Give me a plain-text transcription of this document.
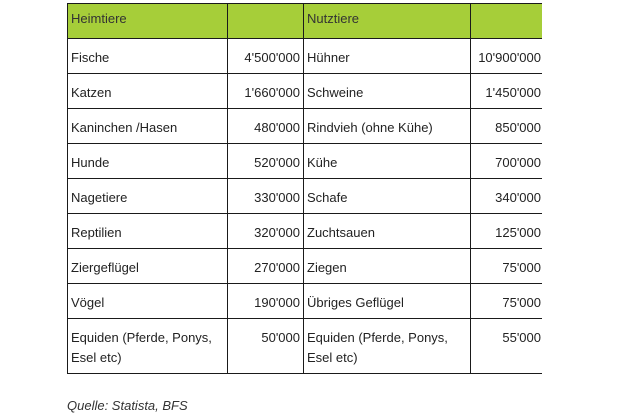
Heimtiere		Nutztiere	
Fische	4'500'000	Hühner	10'900'000
Katzen	1'660'000	Schweine	1'450'000
Kaninchen /Hasen	480'000	Rindvieh (ohne Kühe)	850'000
Hunde	520'000	Kühe	700'000
Nagetiere	330'000	Schafe	340'000
Reptilien	320'000	Zuchtsauen	125'000
Ziergeflügel	270'000	Ziegen	75'000
Vögel	190'000	Übriges Geflügel	75'000
Equiden (Pferde, Ponys, Esel etc)	50'000	Equiden (Pferde, Ponys, Esel etc)	55'000
Quelle: Statista, BFS
